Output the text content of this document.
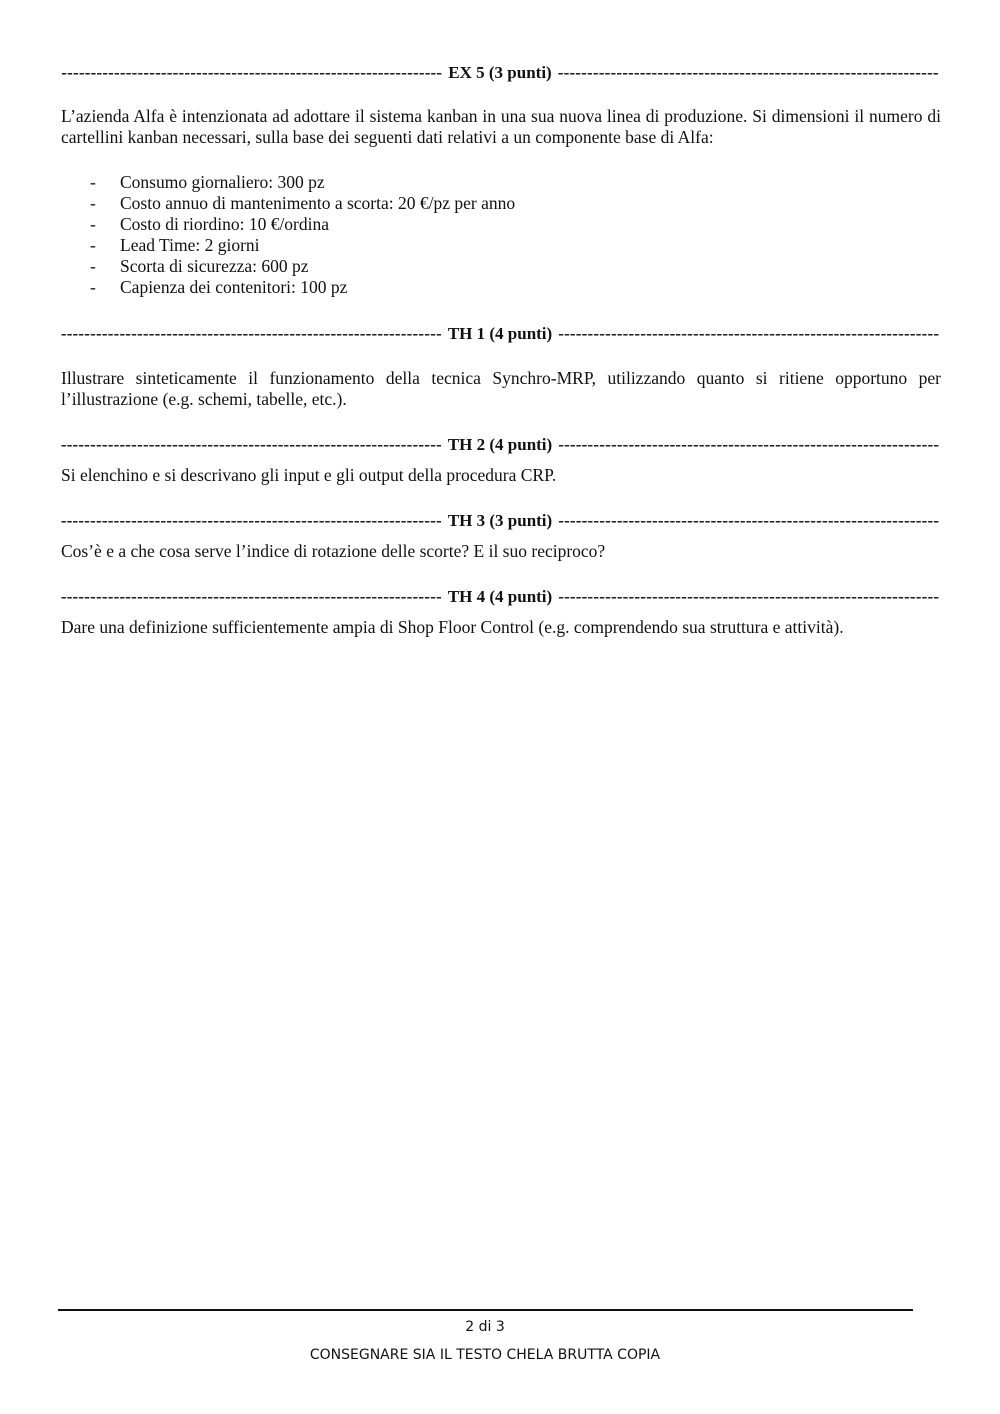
-----
EX 5 (3 punti)
-----

L’azienda Alfa è intenzionata ad adottare il sistema kanban in una sua nuova linea di produzione. Si dimensioni il numero di cartellini kanban necessari, sulla base dei seguenti dati relativi a un componente base di Alfa:

- Consumo giornaliero: 300 pz
- Costo annuo di mantenimento a scorta: 20 €/pz per anno
- Costo di riordino: 10 €/ordina
- Lead Time: 2 giorni
- Scorta di sicurezza: 600 pz
- Capienza dei contenitori: 100 pz
-----
TH 1 (4 punti)
-----

Illustrare sinteticamente il funzionamento della tecnica Synchro-MRP, utilizzando quanto si ritiene opportuno per l’illustrazione (e.g. schemi, tabelle, etc.).

-----
TH 2 (4 punti)
-----

Si elenchino e si descrivano gli input e gli output della procedura CRP.

-----
TH 3 (3 punti)
-----

Cos’è e a che cosa serve l’indice di rotazione delle scorte? E il suo reciproco?

-----
TH 4 (4 punti)
-----

Dare una definizione sufficientemente ampia di Shop Floor Control (e.g. comprendendo sua struttura e attività).

2 di 3
CONSEGNARE SIA IL TESTO CHELA BRUTTA COPIA
